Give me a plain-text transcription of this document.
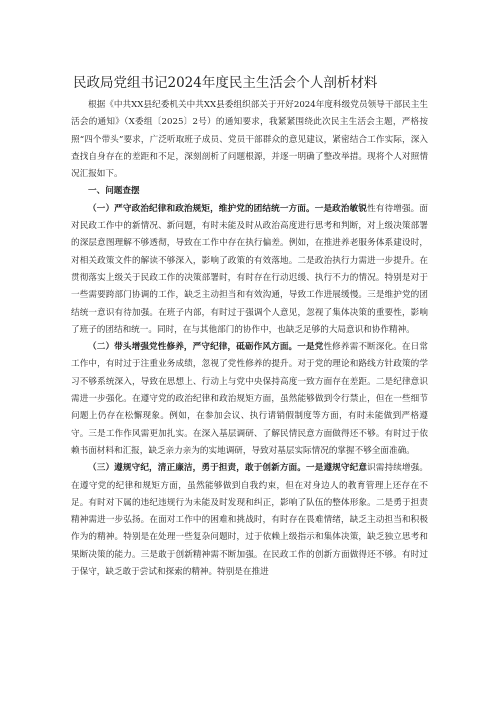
民政局党组书记2024年度民主生活会个人剖析材料

根据《中共XX县纪委机关中共XX县委组织部关于开好2024年度科级党员领导干部民主生活会的通知》（X委组〔2025〕2号）的通知要求，我紧紧围绕此次民主生活会主题，严格按照“四个带头”要求，广泛听取班子成员、党员干部群众的意见建议，紧密结合工作实际，深入查找自身存在的差距和不足，深刻剖析了问题根源，并逐一明确了整改举措。现将个人对照情况汇报如下。

一、问题查摆

（一）严守政治纪律和政治规矩，维护党的团结统一方面。一是政治敏锐性有待增强。面对民政工作中的新情况、新问题，有时未能及时从政治高度进行思考和判断，对上级决策部署的深层意图理解不够透彻，导致在工作中存在执行偏差。例如，在推进养老服务体系建设时，对相关政策文件的解读不够深入，影响了政策的有效落地。二是政治执行力需进一步提升。在贯彻落实上级关于民政工作的决策部署时，有时存在行动迟缓、执行不力的情况。特别是对于一些需要跨部门协调的工作，缺乏主动担当和有效沟通，导致工作进展缓慢。三是维护党的团结统一意识有待加强。在班子内部，有时过于强调个人意见，忽视了集体决策的重要性，影响了班子的团结和统一。同时，在与其他部门的协作中，也缺乏足够的大局意识和协作精神。

（二）带头增强党性修养，严守纪律，砥砺作风方面。一是党性修养需不断深化。在日常工作中，有时过于注重业务成绩，忽视了党性修养的提升。对于党的理论和路线方针政策的学习不够系统深入，导致在思想上、行动上与党中央保持高度一致方面存在差距。二是纪律意识需进一步强化。在遵守党的政治纪律和政治规矩方面，虽然能够做到令行禁止，但在一些细节问题上仍存在松懈现象。例如，在参加会议、执行请销假制度等方面，有时未能做到严格遵守。三是工作作风需更加扎实。在深入基层调研、了解民情民意方面做得还不够。有时过于依赖书面材料和汇报，缺乏亲力亲为的实地调研，导致对基层实际情况的掌握不够全面准确。

（三）遵规守纪，清正廉洁，勇于担责，敢于创新方面。一是遵规守纪意识需持续增强。在遵守党的纪律和规矩方面，虽然能够做到自我约束，但在对身边人的教育管理上还存在不足。有时对下属的违纪违规行为未能及时发现和纠正，影响了队伍的整体形象。二是勇于担责精神需进一步弘扬。在面对工作中的困难和挑战时，有时存在畏难情绪，缺乏主动担当和积极作为的精神。特别是在处理一些复杂问题时，过于依赖上级指示和集体决策，缺乏独立思考和果断决策的能力。三是敢于创新精神需不断加强。在民政工作的创新方面做得还不够。有时过于保守，缺乏敢于尝试和探索的精神。特别是在推进
